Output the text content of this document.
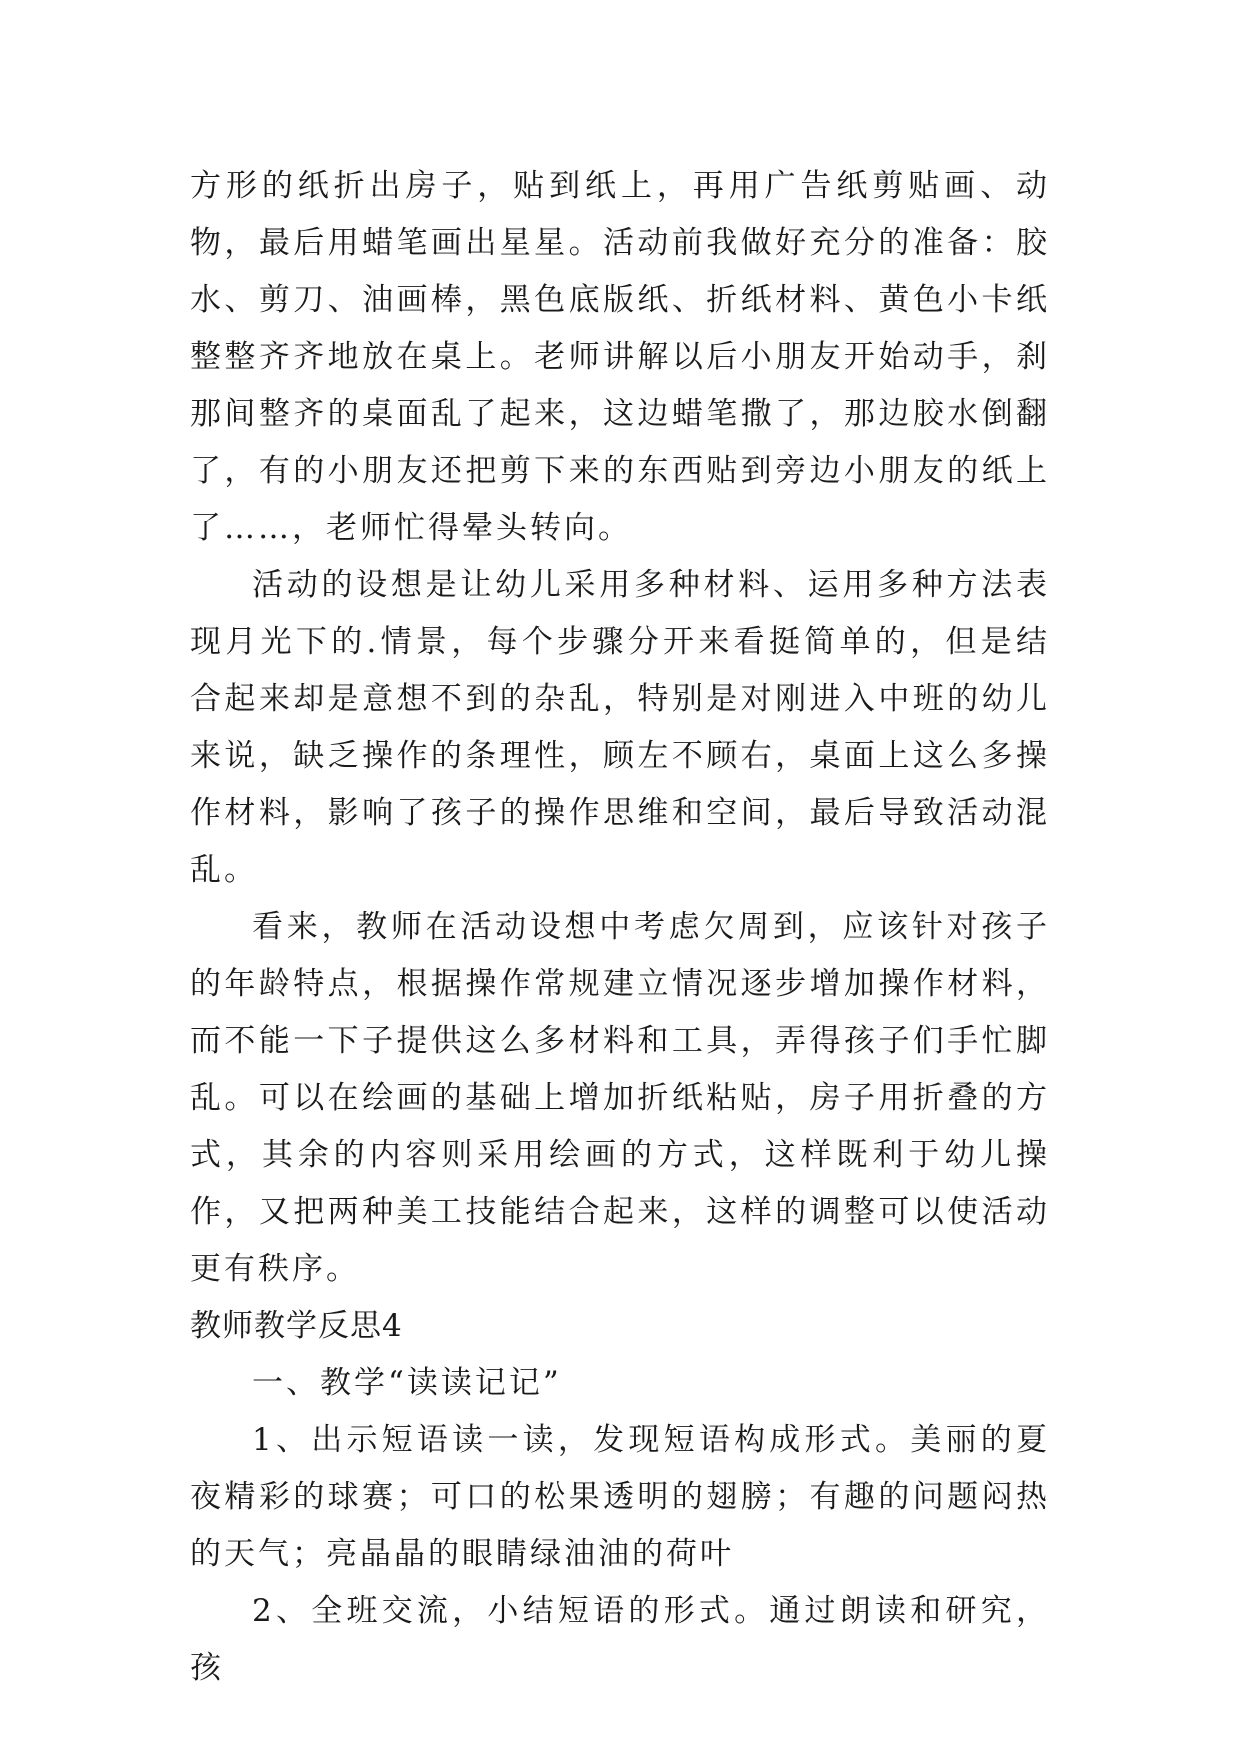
方形的纸折出房子，贴到纸上，再用广告纸剪贴画、动物，最后用蜡笔画出星星。活动前我做好充分的准备：胶水、剪刀、油画棒，黑色底版纸、折纸材料、黄色小卡纸整整齐齐地放在桌上。老师讲解以后小朋友开始动手，刹那间整齐的桌面乱了起来，这边蜡笔撒了，那边胶水倒翻了，有的小朋友还把剪下来的东西贴到旁边小朋友的纸上了……，老师忙得晕头转向。

活动的设想是让幼儿采用多种材料、运用多种方法表现月光下的.情景，每个步骤分开来看挺简单的，但是结合起来却是意想不到的杂乱，特别是对刚进入中班的幼儿来说，缺乏操作的条理性，顾左不顾右，桌面上这么多操作材料，影响了孩子的操作思维和空间，最后导致活动混乱。

看来，教师在活动设想中考虑欠周到，应该针对孩子的年龄特点，根据操作常规建立情况逐步增加操作材料，而不能一下子提供这么多材料和工具，弄得孩子们手忙脚乱。可以在绘画的基础上增加折纸粘贴，房子用折叠的方式，其余的内容则采用绘画的方式，这样既利于幼儿操作，又把两种美工技能结合起来，这样的调整可以使活动更有秩序。

教师教学反思4

一、教学“读读记记”

1、出示短语读一读，发现短语构成形式。美丽的夏夜精彩的球赛；可口的松果透明的翅膀；有趣的问题闷热的天气；亮晶晶的眼睛绿油油的荷叶

2、全班交流，小结短语的形式。通过朗读和研究，孩
